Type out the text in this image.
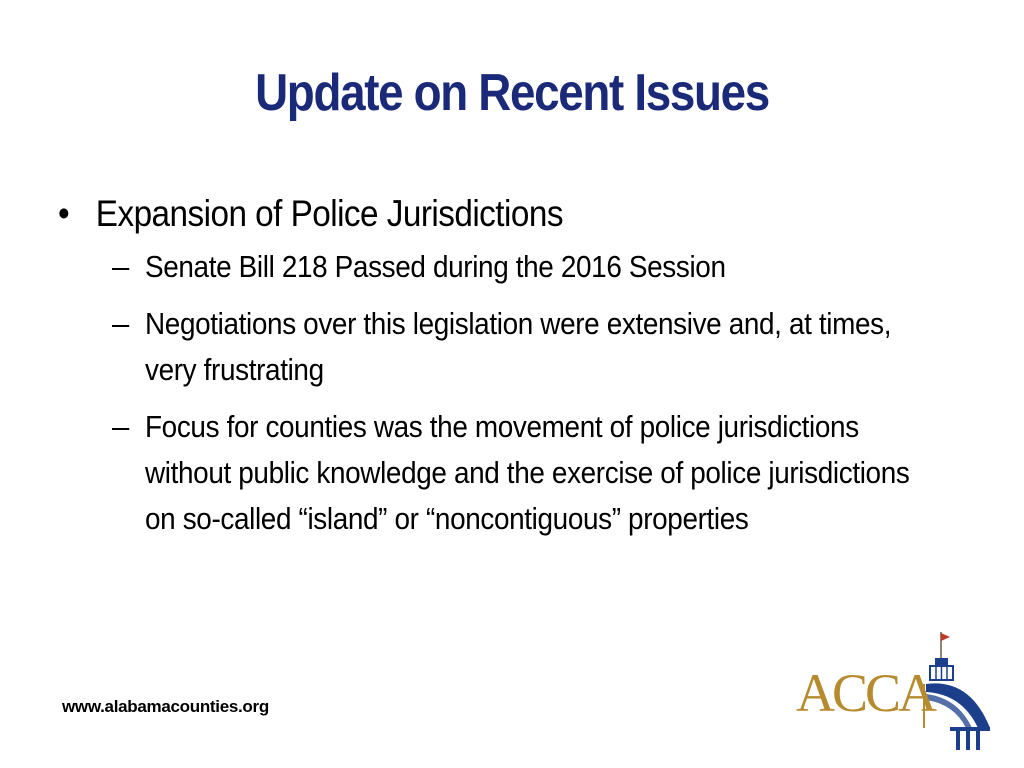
Update on Recent Issues
• Expansion of Police Jurisdictions
– Senate Bill 218 Passed during the 2016 Session
– Negotiations over this legislation were extensive and, at times, very frustrating
– Focus for counties was the movement of police jurisdictions without public knowledge and the exercise of police jurisdictions on so-called “island” or “noncontiguous” properties
www.alabamacounties.org	ACCA
